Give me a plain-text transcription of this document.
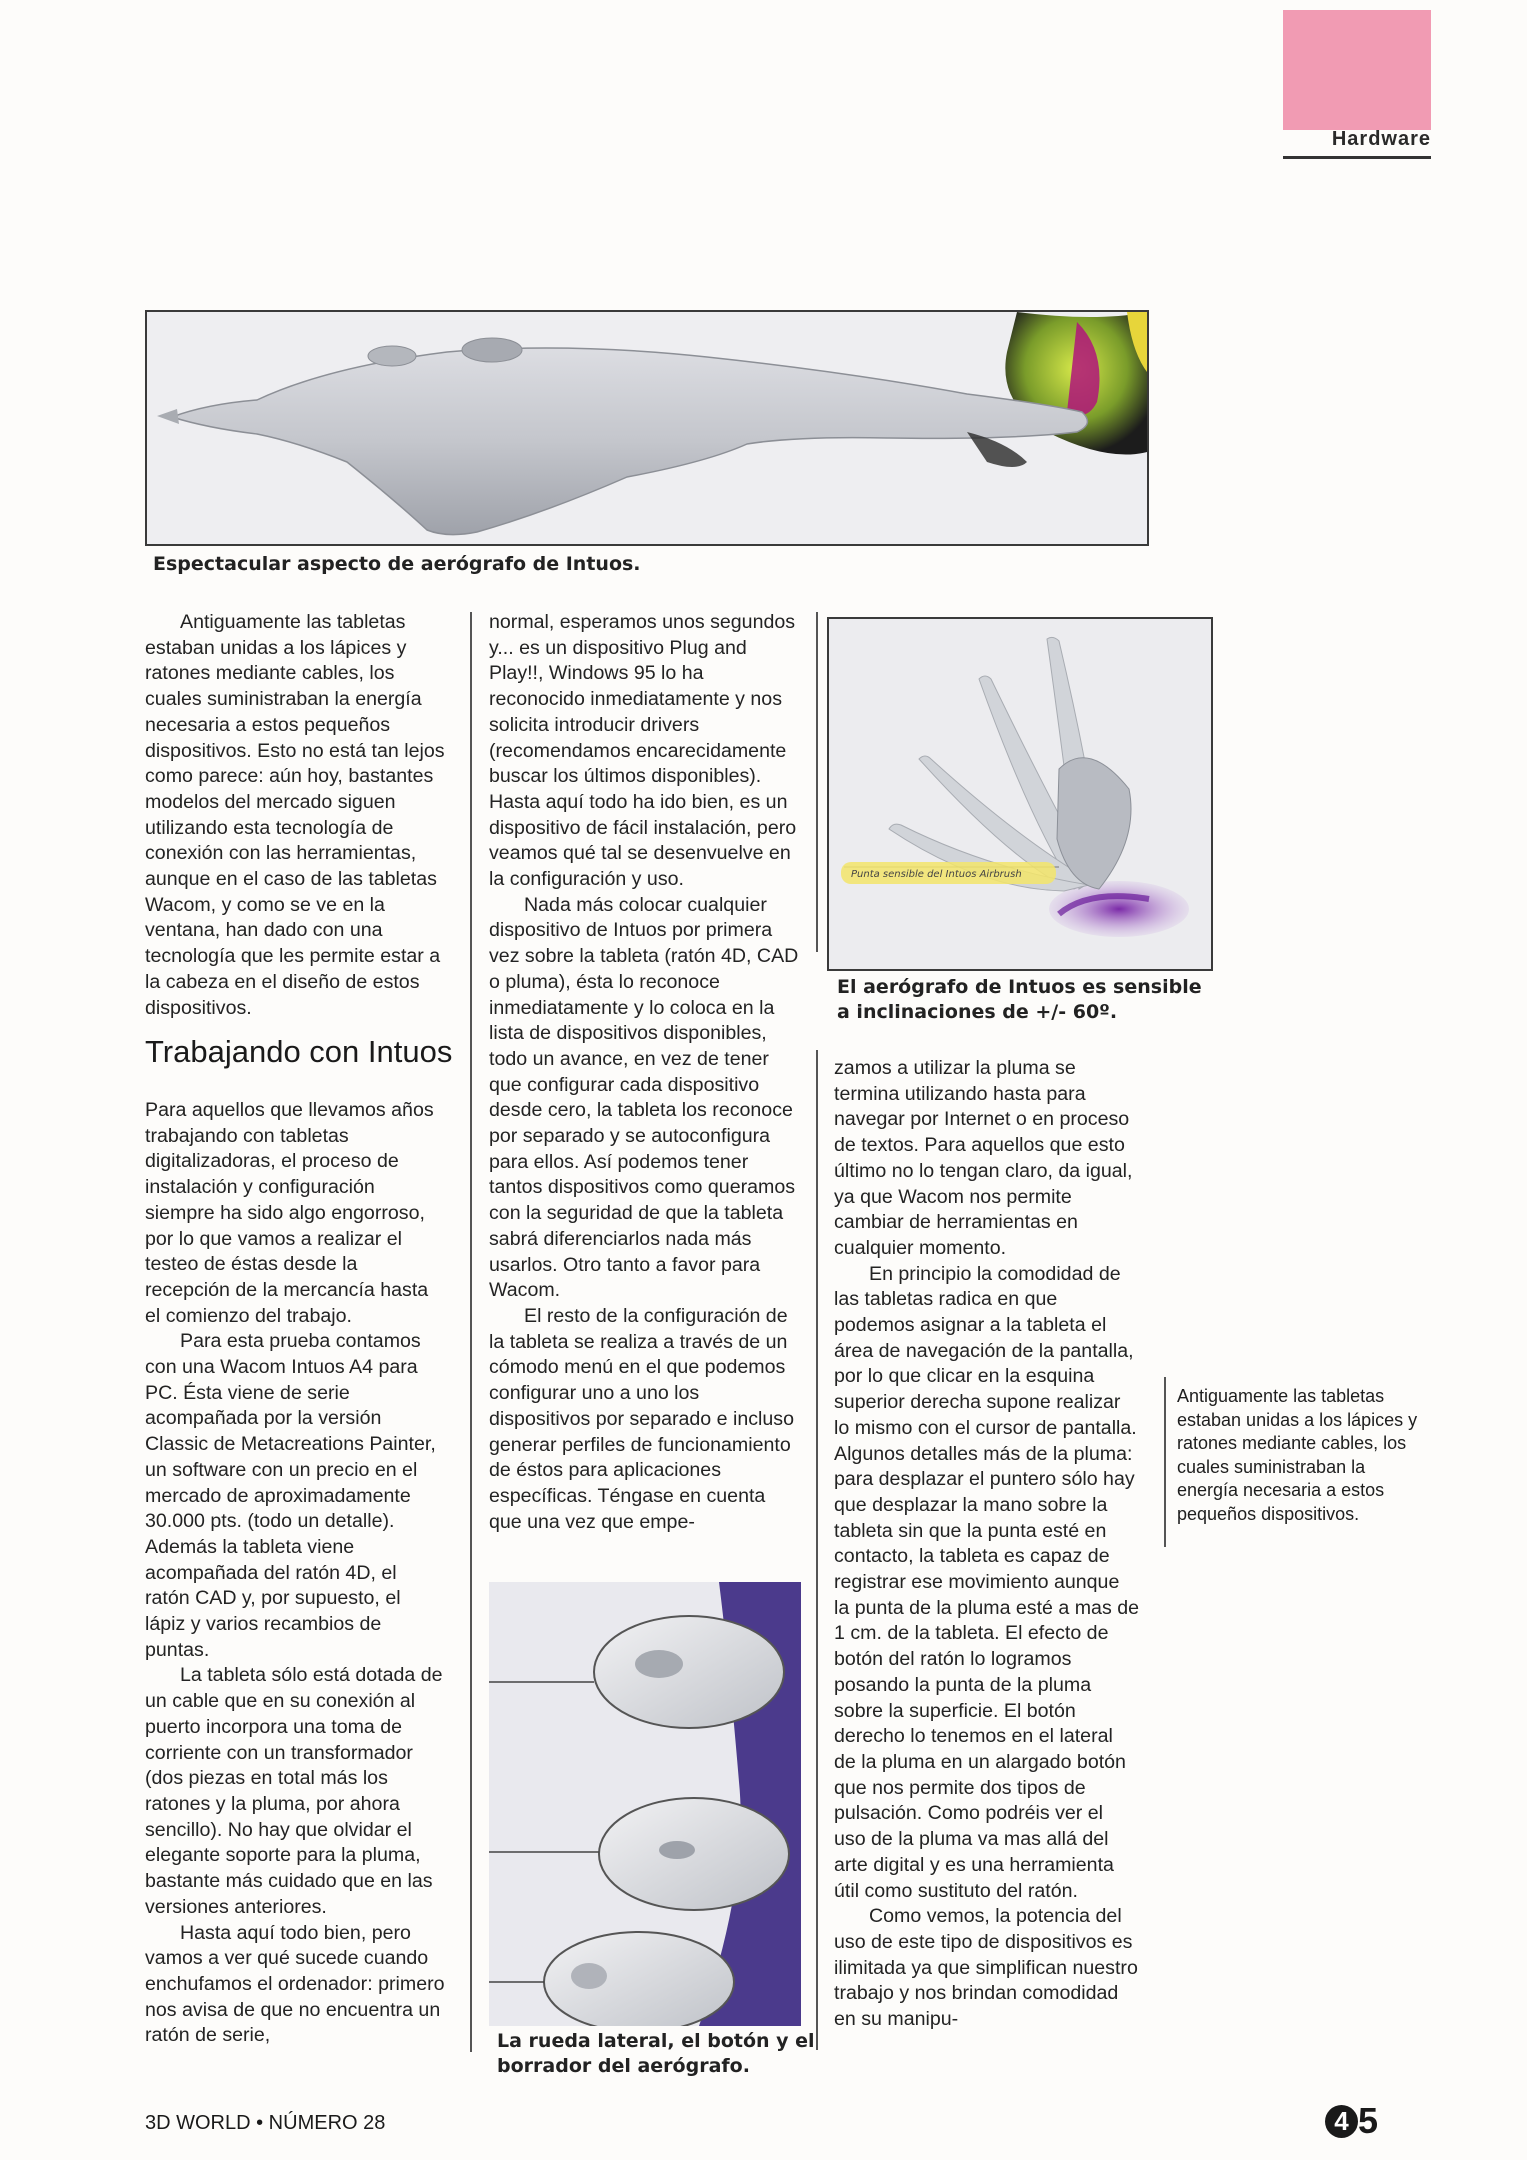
Hardware
Espectacular aspecto de aerógrafo de Intuos.

Antiguamente las tabletas estaban unidas a los lápices y ratones mediante cables, los cuales suministraban la energía necesaria a estos pequeños dispositivos. Esto no está tan lejos como parece: aún hoy, bastantes modelos del mercado siguen utilizando esta tecnología de conexión con las herramientas, aunque en el caso de las tabletas Wacom, y como se ve en la ventana, han dado con una tecnología que les permite estar a la cabeza en el diseño de estos dispositivos.

Trabajando con Intuos

Para aquellos que llevamos años trabajando con tabletas digitalizadoras, el proceso de instalación y configuración siempre ha sido algo engorroso, por lo que vamos a realizar el testeo de éstas desde la recepción de la mercancía hasta el comienzo del trabajo.

Para esta prueba contamos con una Wacom Intuos A4 para PC. Ésta viene de serie acompañada por la versión Classic de Metacreations Painter, un software con un precio en el mercado de aproximadamente 30.000 pts. (todo un detalle). Además la tableta viene acompañada del ratón 4D, el ratón CAD y, por supuesto, el lápiz y varios recambios de puntas.

La tableta sólo está dotada de un cable que en su conexión al puerto incorpora una toma de corriente con un transformador (dos piezas en total más los ratones y la pluma, por ahora sencillo). No hay que olvidar el elegante soporte para la pluma, bastante más cuidado que en las versiones anteriores.

Hasta aquí todo bien, pero vamos a ver qué sucede cuando enchufamos el ordenador: primero nos avisa de que no encuentra un ratón de serie,

normal, esperamos unos segundos y... es un dispositivo Plug and Play!!, Windows 95 lo ha reconocido inmediatamente y nos solicita introducir drivers (recomendamos encarecidamente buscar los últimos disponibles). Hasta aquí todo ha ido bien, es un dispositivo de fácil instalación, pero veamos qué tal se desenvuelve en la configuración y uso.

Nada más colocar cualquier dispositivo de Intuos por primera vez sobre la tableta (ratón 4D, CAD o pluma), ésta lo reconoce inmediatamente y lo coloca en la lista de dispositivos disponibles, todo un avance, en vez de tener que configurar cada dispositivo desde cero, la tableta los reconoce por separado y se autoconfigura para ellos. Así podemos tener tantos dispositivos como queramos con la seguridad de que la tableta sabrá diferenciarlos nada más usarlos. Otro tanto a favor para Wacom.

El resto de la configuración de la tableta se realiza a través de un cómodo menú en el que podemos configurar uno a uno los dispositivos por separado e incluso generar perfiles de funcionamiento de éstos para aplicaciones específicas. Téngase en cuenta que una vez que empe-

Punta sensible del Intuos Airbrush
El aerógrafo de Intuos es sensible a inclinaciones de +/- 60º.
La rueda lateral, el botón y el borrador del aerógrafo.

zamos a utilizar la pluma se termina utilizando hasta para navegar por Internet o en proceso de textos. Para aquellos que esto último no lo tengan claro, da igual, ya que Wacom nos permite cambiar de herramientas en cualquier momento.

En principio la comodidad de las tabletas radica en que podemos asignar a la tableta el área de navegación de la pantalla, por lo que clicar en la esquina superior derecha supone realizar lo mismo con el cursor de pantalla. Algunos detalles más de la pluma: para desplazar el puntero sólo hay que desplazar la mano sobre la tableta sin que la punta esté en contacto, la tableta es capaz de registrar ese movimiento aunque la punta de la pluma esté a mas de 1 cm. de la tableta. El efecto de botón del ratón lo logramos posando la punta de la pluma sobre la superficie. El botón derecho lo tenemos en el lateral de la pluma en un alargado botón que nos permite dos tipos de pulsación. Como podréis ver el uso de la pluma va mas allá del arte digital y es una herramienta útil como sustituto del ratón.

Como vemos, la potencia del uso de este tipo de dispositivos es ilimitada ya que simplifican nuestro trabajo y nos brindan comodidad en su manipu-

Antiguamente las tabletas estaban unidas a los lápices y ratones mediante cables, los cuales suministraban la energía necesaria a estos pequeños dispositivos.
3D WORLD • NÚMERO 28	4 5
